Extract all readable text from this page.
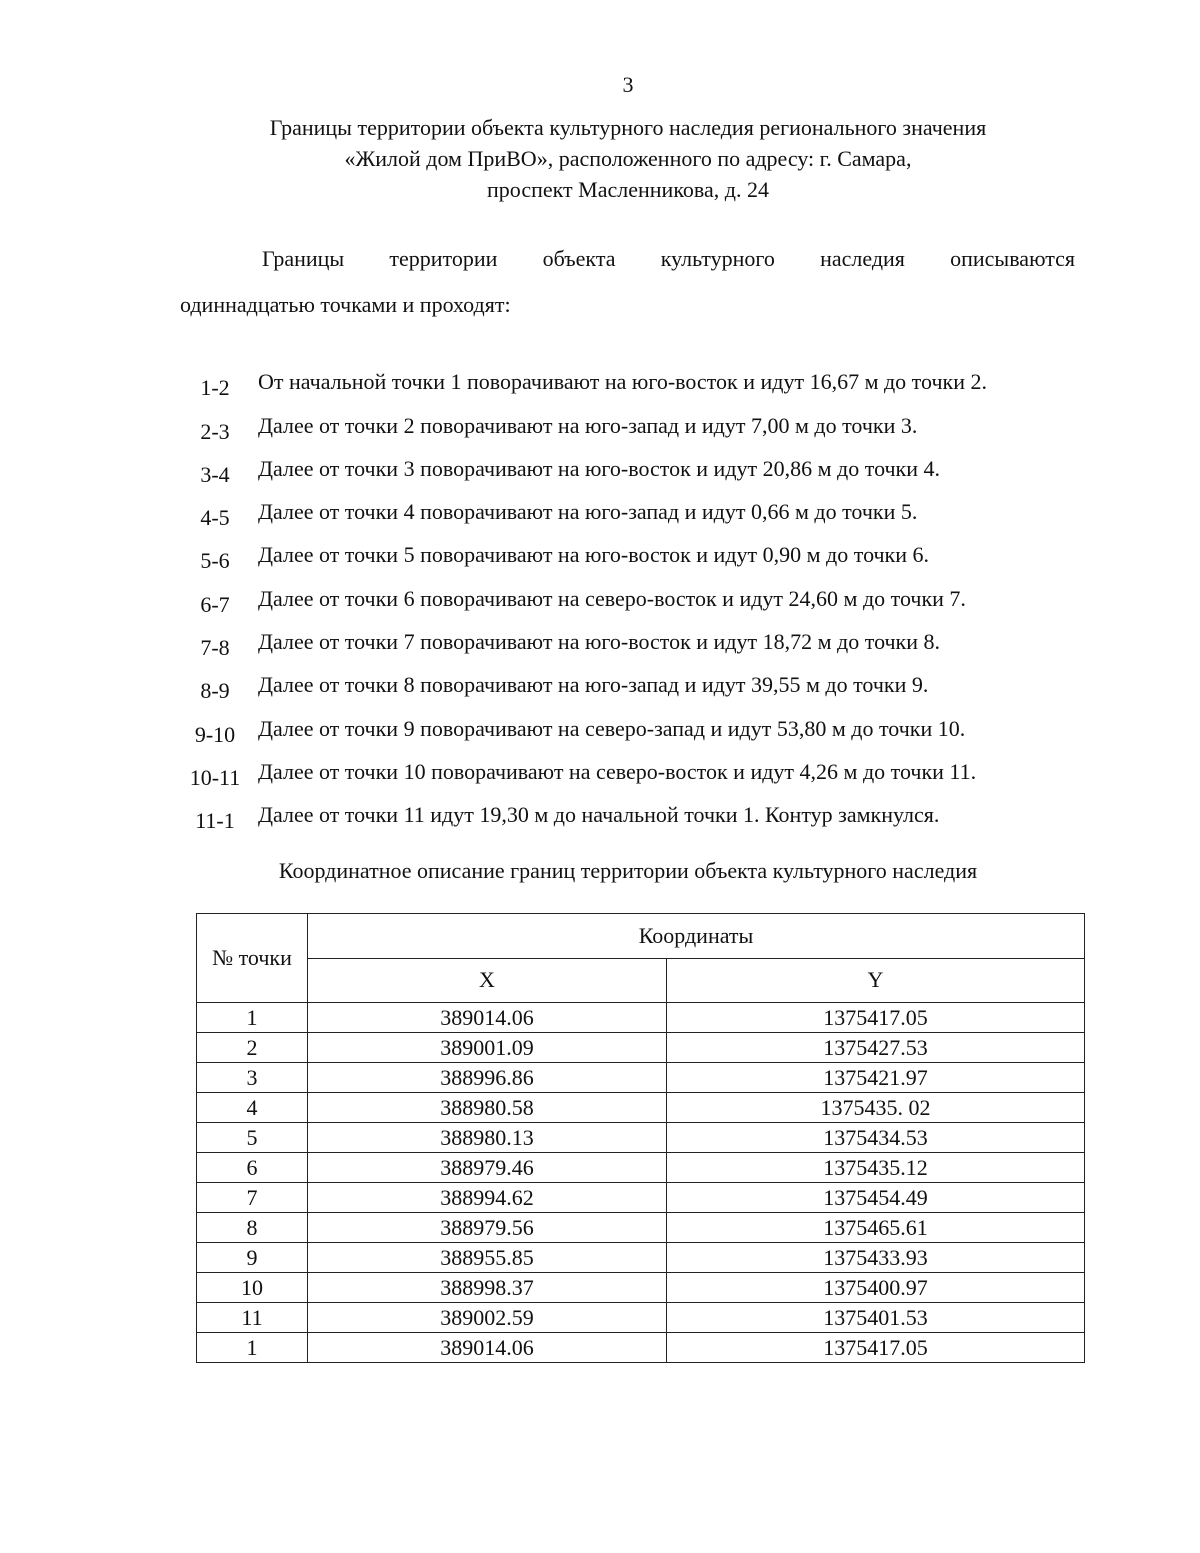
3
Границы территории объекта культурного наследия регионального значения
«Жилой дом ПриВО», расположенного по адресу: г. Самара,
проспект Масленникова, д. 24
Границы территории объекта культурного наследия описываются
одиннадцатью точками и проходят:
1-2	От начальной точки 1 поворачивают на юго-восток и идут 16,67 м до точки 2.
2-3	Далее от точки 2 поворачивают на юго-запад и идут 7,00 м до точки 3.
3-4	Далее от точки 3 поворачивают на юго-восток и идут 20,86 м до точки 4.
4-5	Далее от точки 4 поворачивают на юго-запад и идут 0,66 м до точки 5.
5-6	Далее от точки 5 поворачивают на юго-восток и идут 0,90 м до точки 6.
6-7	Далее от точки 6 поворачивают на северо-восток и идут 24,60 м до точки 7.
7-8	Далее от точки 7 поворачивают на юго-восток и идут 18,72 м до точки 8.
8-9	Далее от точки 8 поворачивают на юго-запад и идут 39,55 м до точки 9.
9-10	Далее от точки 9 поворачивают на северо-запад и идут 53,80 м до точки 10.
10-11 Далее от точки 10 поворачивают на северо-восток и идут 4,26 м до точки 11.
11-1	Далее от точки 11 идут 19,30 м до начальной точки 1. Контур замкнулся.
Координатное описание границ территории объекта культурного наследия
№ точки	Координаты	
	X	Y
1	389014.06	1375417.05
2	389001.09	1375427.53
3	388996.86	1375421.97
4	388980.58	1375435. 02
5	388980.13	1375434.53
6	388979.46	1375435.12
7	388994.62	1375454.49
8	388979.56	1375465.61
9	388955.85	1375433.93
10	388998.37	1375400.97
11	389002.59	1375401.53
1	389014.06	1375417.05
